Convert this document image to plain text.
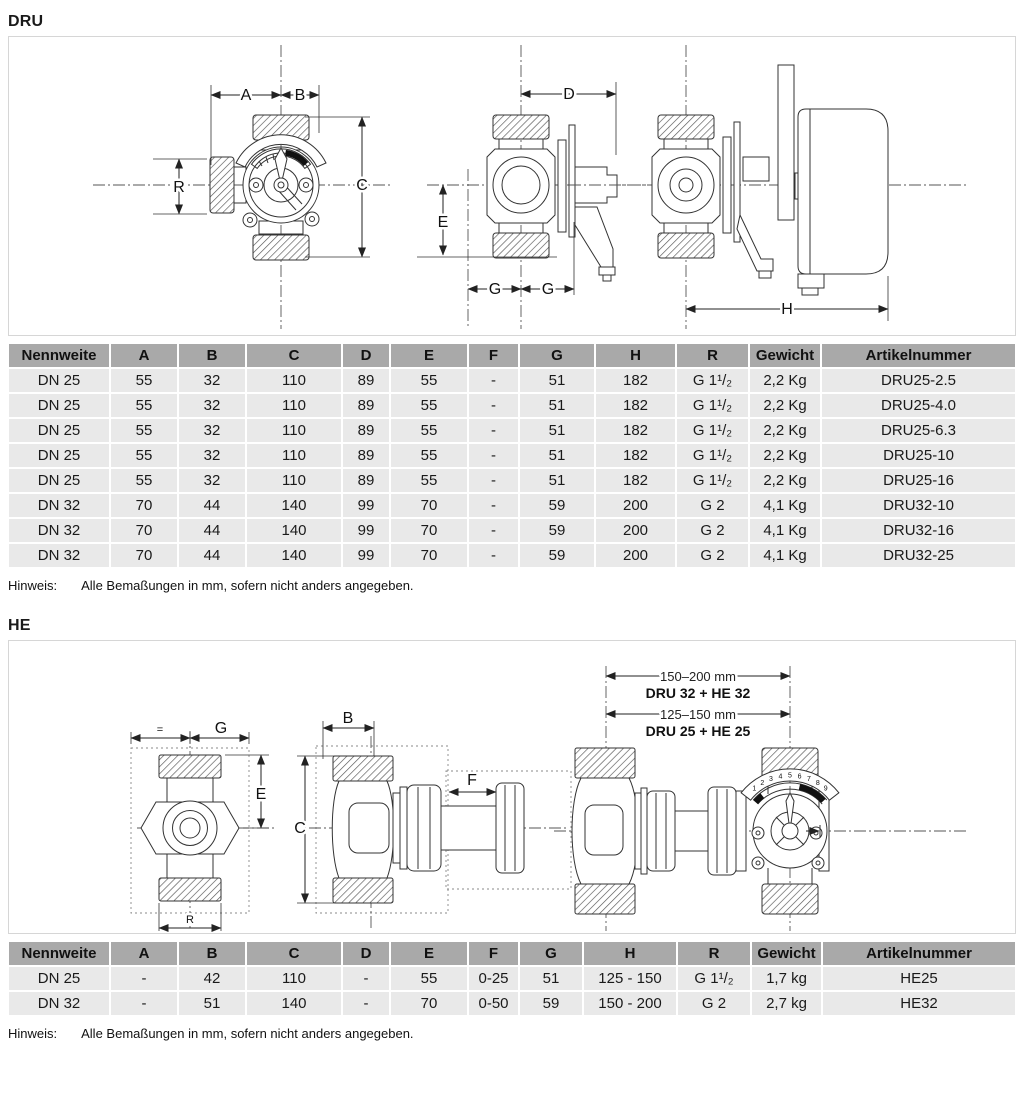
DRU
A	B
C
R
D
E
G	G
H
Nennweite	A	B	C	D	E	F	G	H	R	Gewicht	Artikelnummer
DN 25	55	32	110	89	55	-	51	182	G 1¹/₂	2,2 Kg	DRU25-2.5
DN 25	55	32	110	89	55	-	51	182	G 1¹/₂	2,2 Kg	DRU25-4.0
DN 25	55	32	110	89	55	-	51	182	G 1¹/₂	2,2 Kg	DRU25-6.3
DN 25	55	32	110	89	55	-	51	182	G 1¹/₂	2,2 Kg	DRU25-10
DN 25	55	32	110	89	55	-	51	182	G 1¹/₂	2,2 Kg	DRU25-16
DN 32	70	44	140	99	70	-	59	200	G 2	4,1 Kg	DRU32-10
DN 32	70	44	140	99	70	-	59	200	G 2	4,1 Kg	DRU32-16
DN 32	70	44	140	99	70	-	59	200	G 2	4,1 Kg	DRU32-25
Hinweis: Alle Bemaßungen in mm, sofern nicht anders angegeben.
HE
=	G
E
R
B
C
F
150–200 mm
DRU 32 + HE 32
125–150 mm
DRU 25 + HE 25
1
2
3 4 5 6 7
8
9
Nennweite	A	B	C	D	E	F	G	H	R	Gewicht	Artikelnummer
DN 25	-	42	110	-	55	0-25	51	125 - 150	G 1¹/₂	1,7 kg	HE25
DN 32	-	51	140	-	70	0-50	59	150 - 200	G 2	2,7 kg	HE32
Hinweis: Alle Bemaßungen in mm, sofern nicht anders angegeben.
